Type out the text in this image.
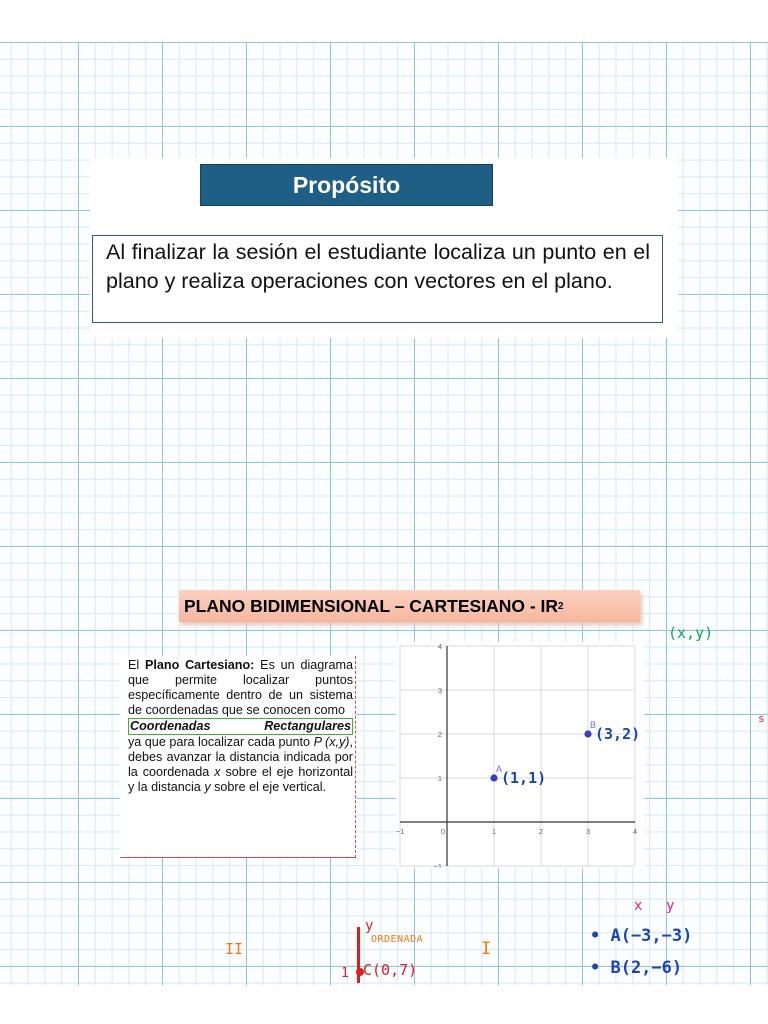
Propósito
Al finalizar la sesión el estudiante localiza un punto en el plano y realiza operaciones con vectores en el plano.
PLANO BIDIMENSIONAL – CARTESIANO - IR 2
El Plano Cartesiano: Es un diagrama que permite localizar puntos específicamente dentro de un sistema de coordenadas que se conocen como
Coordenadas Rectangulares
ya que para localizar cada punto P (x,y), debes avanzar la distancia indicada por la coordenada x sobre el eje horizontal y la distancia y sobre el eje vertical.
−1	0	1	2	3	4
−1
1
2
3
4
A
(1,1)
B
(3,2)
(x,y)
s
x y
• A(−3,−3)
• B(2,−6)
y
ORDENADA
II	I
1 C(0,7)
